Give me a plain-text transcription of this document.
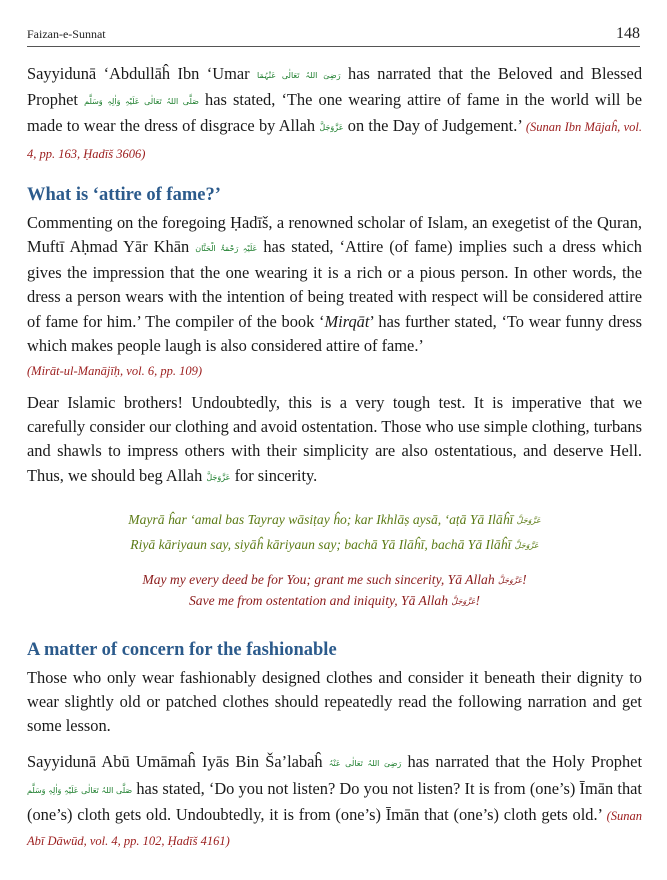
Faizan-e-Sunnat	148

Sayyidunā ‘Abdullāĥ Ibn ‘Umar رَضِیَ اللہُ تَعَالٰی عَنْہُمَا has narrated that the Beloved and Blessed Prophet صَلَّی اللہُ تَعَالٰی عَلَیْہِ وَاٰلِہٖ وَسَلَّم has stated, ‘The one wearing attire of fame in the world will be made to wear the dress of disgrace by Allah عَزَّوَجَلَّ on the Day of Judgement.’ (Sunan Ibn Mājaĥ, vol. 4, pp. 163, Ḥadīš 3606)

What is ‘attire of fame?’

Commenting on the foregoing Ḥadīš, a renowned scholar of Islam, an exegetist of the Quran, Muftī Aḥmad Yār Khān عَلَیْہِ رَحْمَۃُ الْحَنَّان has stated, ‘Attire (of fame) implies such a dress which gives the impression that the one wearing it is a rich or a pious person. In other words, the dress a person wears with the intention of being treated with respect will be considered attire of fame for him.’ The compiler of the book ‘Mirqāt’ has further stated, ‘To wear funny dress which makes people laugh is also considered attire of fame.’

(Mirāt-ul-Manājīḥ, vol. 6, pp. 109)

Dear Islamic brothers! Undoubtedly, this is a very tough test. It is imperative that we carefully consider our clothing and avoid ostentation. Those who use simple clothing, turbans and shawls to impress others with their simplicity are also ostentatious, and deserve Hell. Thus, we should beg Allah عَزَّوَجَلَّ for sincerity.

Mayrā ĥar ‘amal bas Tayray wāsiṭay ĥo; kar Ikhlāṣ aysā, ‘aṭā Yā Ilāĥī عَزَّوَجَلَّ
Riyā kāriyaun say, siyāĥ kāriyaun say; bachā Yā Ilāĥī, bachā Yā Ilāĥī عَزَّوَجَلَّ
May my every deed be for You; grant me such sincerity, Yā Allah عَزَّوَجَلَّ!
Save me from ostentation and iniquity, Yā Allah عَزَّوَجَلَّ!
A matter of concern for the fashionable

Those who only wear fashionably designed clothes and consider it beneath their dignity to wear slightly old or patched clothes should repeatedly read the following narration and get some lesson.

Sayyidunā Abū Umāmaĥ Iyās Bin Ša’labaĥ رَضِیَ اللہُ تَعَالٰی عَنْہُ has narrated that the Holy Prophet صَلَّی اللہُ تَعَالٰی عَلَیْہِ وَاٰلِہٖ وَسَلَّم has stated, ‘Do you not listen? Do you not listen? It is from (one’s) Īmān that (one’s) cloth gets old. Undoubtedly, it is from (one’s) Īmān that (one’s) cloth gets old.’ (Sunan Abī Dāwūd, vol. 4, pp. 102, Ḥadīš 4161)
